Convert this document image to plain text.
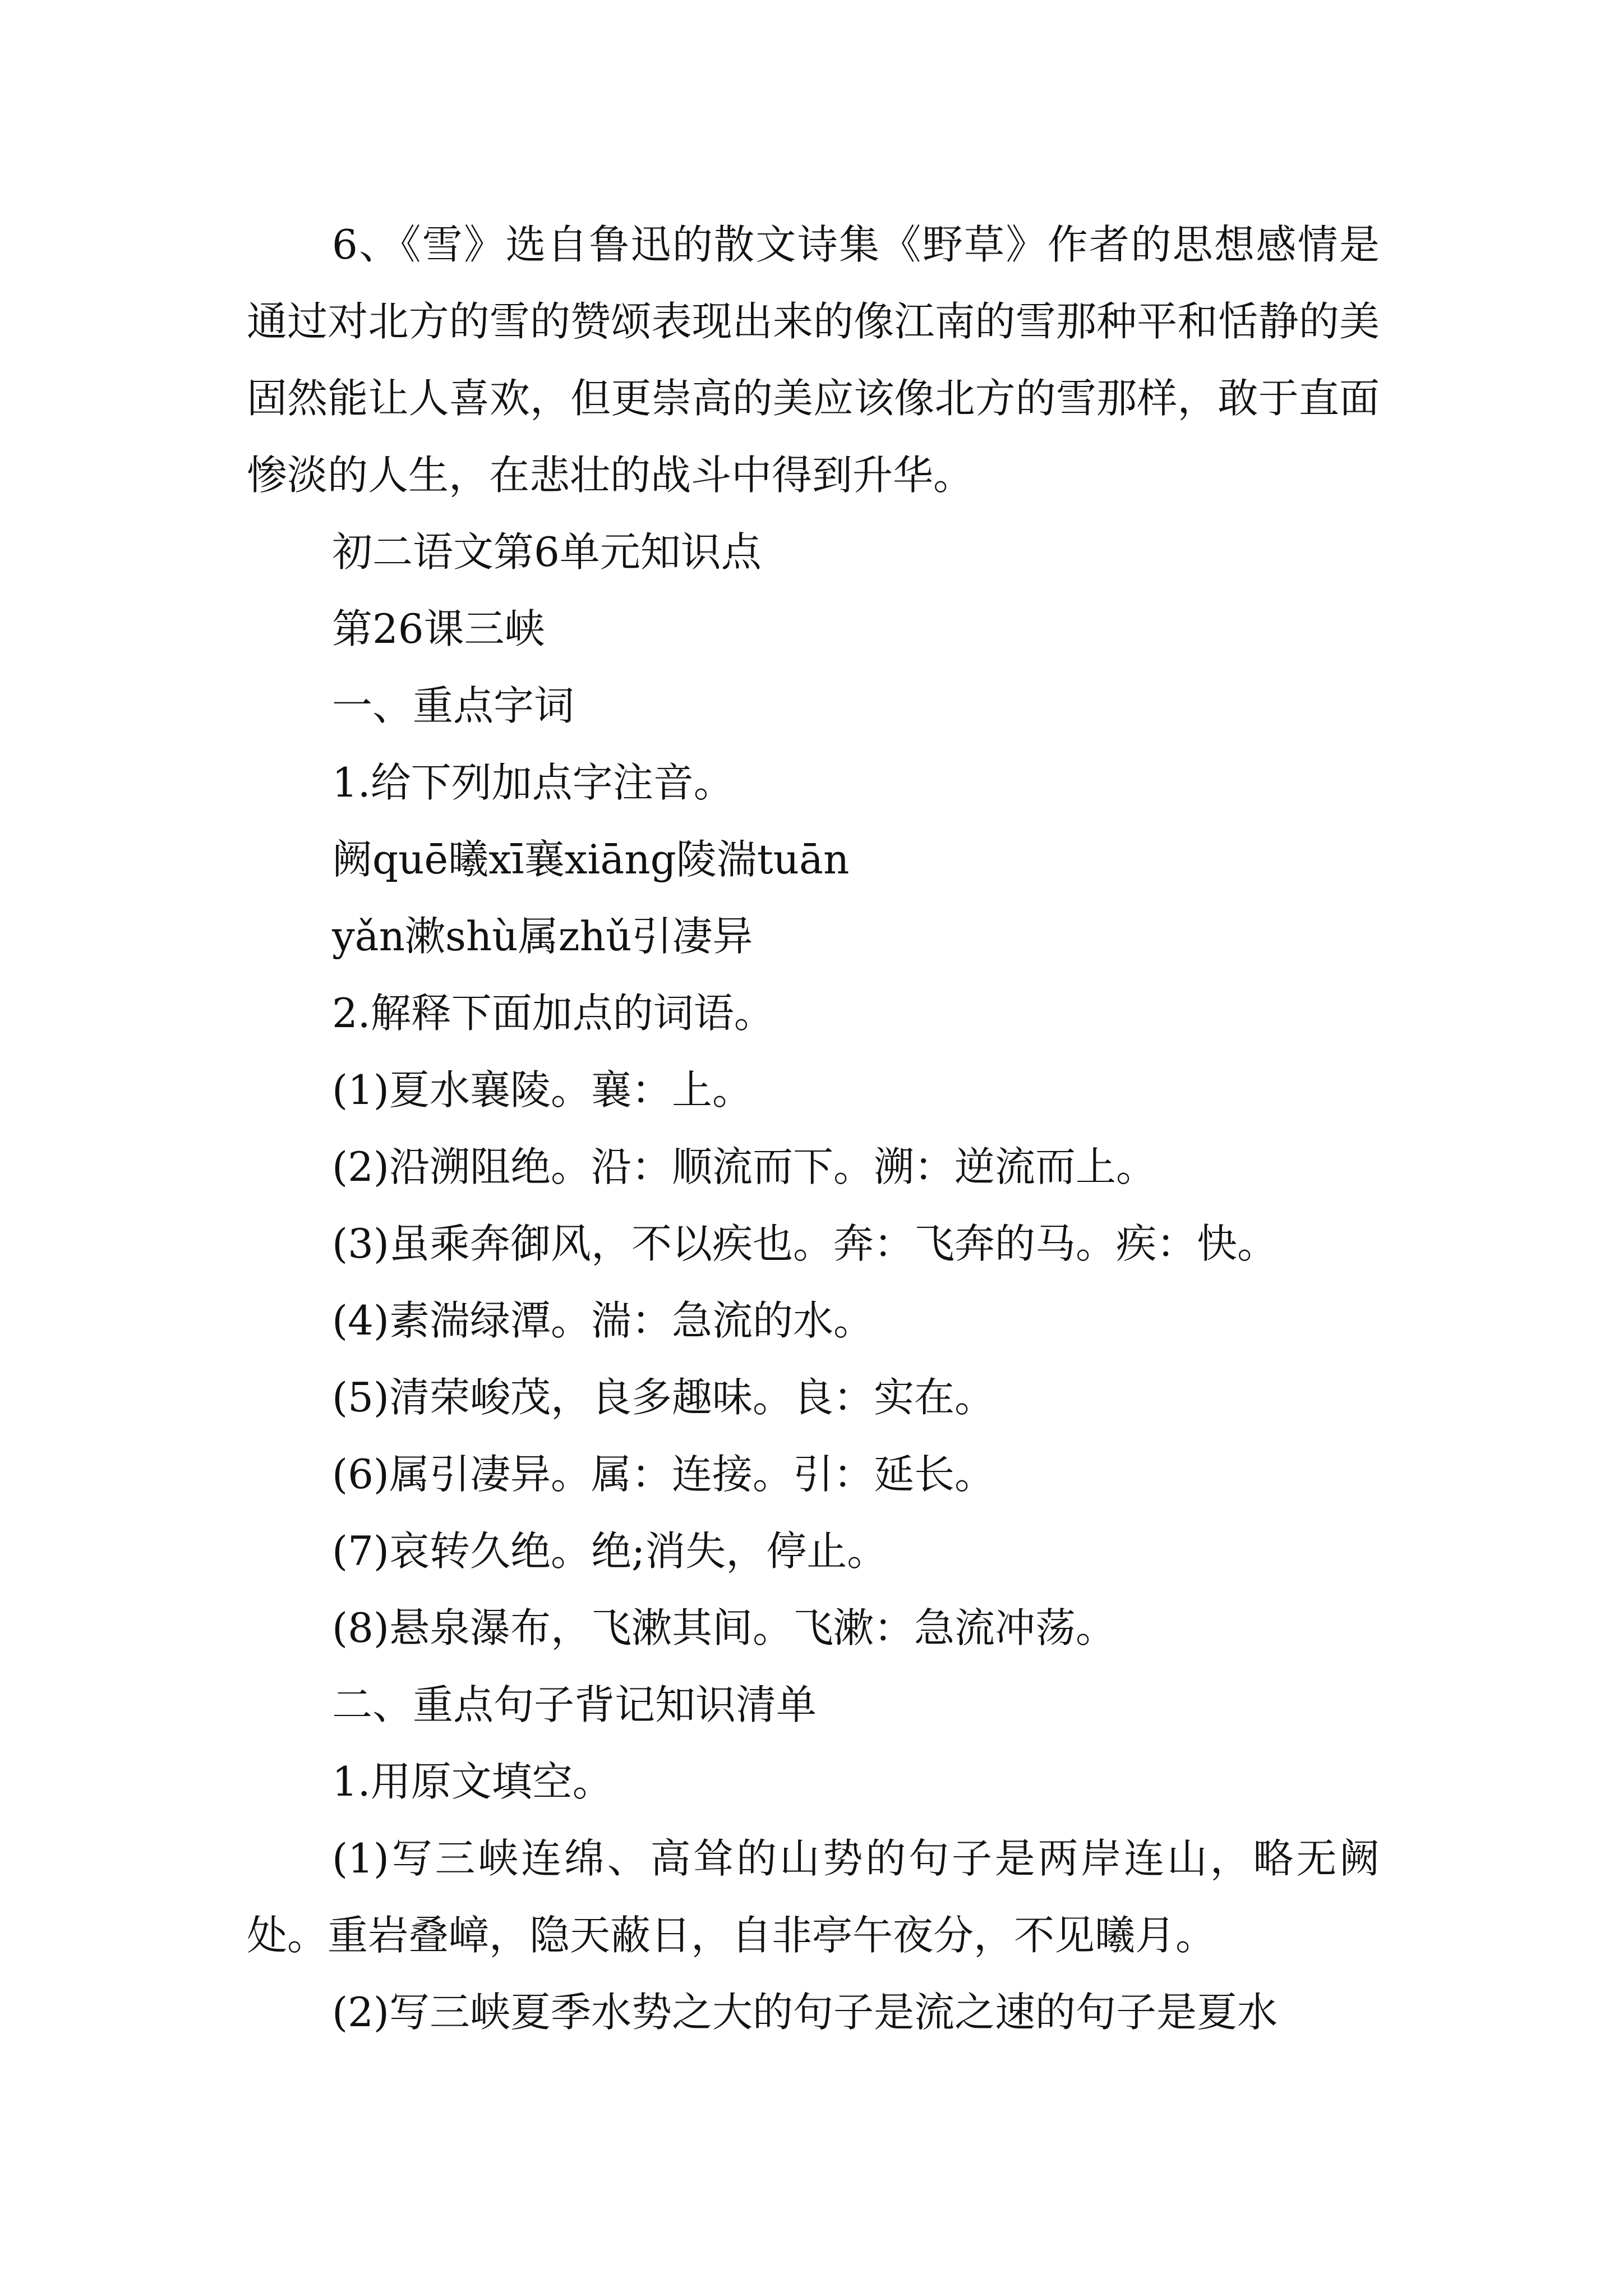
6、《雪》选自鲁迅的散文诗集《野草》作者的思想感情是通过对北方的雪的赞颂表现出来的像江南的雪那种平和恬静的美固然能让人喜欢，但更崇高的美应该像北方的雪那样，敢于直面惨淡的人生，在悲壮的战斗中得到升华。

初二语文第6单元知识点

第26课三峡

一、重点字词

1.给下列加点字注音。

阙quē曦xī襄xiāng陵湍tuān

yǎn漱shù属zhǔ引凄异

2.解释下面加点的词语。

(1)夏水襄陵。襄：上。

(2)沿溯阻绝。沿：顺流而下。溯：逆流而上。

(3)虽乘奔御风，不以疾也。奔：飞奔的马。疾：快。

(4)素湍绿潭。湍：急流的水。

(5)清荣峻茂，良多趣味。良：实在。

(6)属引凄异。属：连接。引：延长。

(7)哀转久绝。绝;消失，停止。

(8)悬泉瀑布，飞漱其间。飞漱：急流冲荡。

二、重点句子背记知识清单

1.用原文填空。

(1)写三峡连绵、高耸的山势的句子是两岸连山，略无阙处。重岩叠嶂，隐天蔽日，自非亭午夜分，不见曦月。

(2)写三峡夏季水势之大的句子是流之速的句子是夏水
